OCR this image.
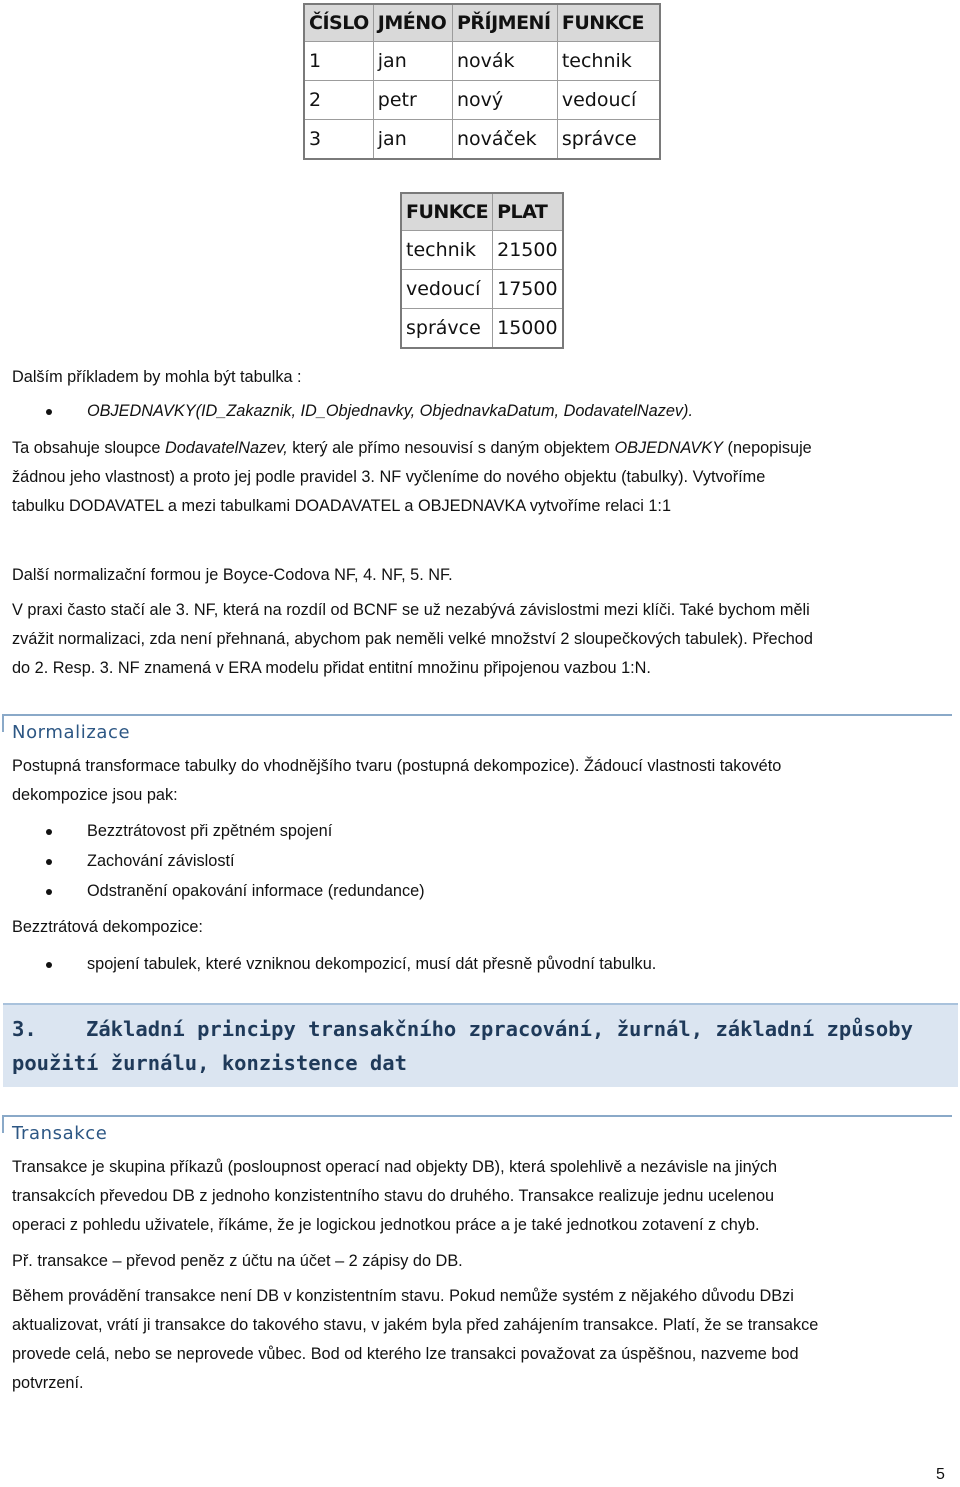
ČÍSLO	JMÉNO	PŘÍJMENÍ	FUNKCE
1	jan	novák	technik
2	petr	nový	vedoucí
3	jan	nováček	správce
FUNKCE	PLAT
technik	21500
vedoucí	17500
správce	15000

Dalším příkladem by mohla být tabulka :

OBJEDNAVKY(ID_Zakaznik, ID_Objednavky, ObjednavkaDatum, DodavatelNazev).
Ta obsahuje sloupce DodavatelNazev, který ale přímo nesouvisí s daným objektem OBJEDNAVKY (nepopisuje
žádnou jeho vlastnost) a proto jej podle pravidel 3. NF vyčleníme do nového objektu (tabulky). Vytvoříme
tabulku DODAVATEL a mezi tabulkami DOADAVATEL a OBJEDNAVKA vytvoříme relaci 1:1

Další normalizační formou je Boyce-Codova NF, 4. NF, 5. NF.

V praxi často stačí ale 3. NF, která na rozdíl od BCNF se už nezabývá závislostmi mezi klíči. Také bychom měli
zvážit normalizaci, zda není přehnaná, abychom pak neměli velké množství 2 sloupečkových tabulek). Přechod
do 2. Resp. 3. NF znamená v ERA modelu přidat entitní množinu připojenou vazbou 1:N.
Normalizace
Postupná transformace tabulky do vhodnějšího tvaru (postupná dekompozice). Žádoucí vlastnosti takovéto
dekompozice jsou pak:
Bezztrátovost při zpětném spojení
Zachování závislostí
Odstranění opakování informace (redundance)

Bezztrátová dekompozice:

spojení tabulek, které vzniknou dekompozicí, musí dát přesně původní tabulku.
3. Základní principy transakčního zpracování, žurnál, základní způsoby
použití žurnálu, konzistence dat
Transakce
Transakce je skupina příkazů (posloupnost operací nad objekty DB), která spolehlivě a nezávisle na jiných
transakcích převedou DB z jednoho konzistentního stavu do druhého. Transakce realizuje jednu ucelenou
operaci z pohledu uživatele, říkáme, že je logickou jednotkou práce a je také jednotkou zotavení z chyb.

Př. transakce – převod peněz z účtu na účet – 2 zápisy do DB.

Během provádění transakce není DB v konzistentním stavu. Pokud nemůže systém z nějakého důvodu DBzi
aktualizovat, vrátí ji transakce do takového stavu, v jakém byla před zahájením transakce. Platí, že se transakce
provede celá, nebo se neprovede vůbec. Bod od kterého lze transakci považovat za úspěšnou, nazveme bod
potvrzení.
5
